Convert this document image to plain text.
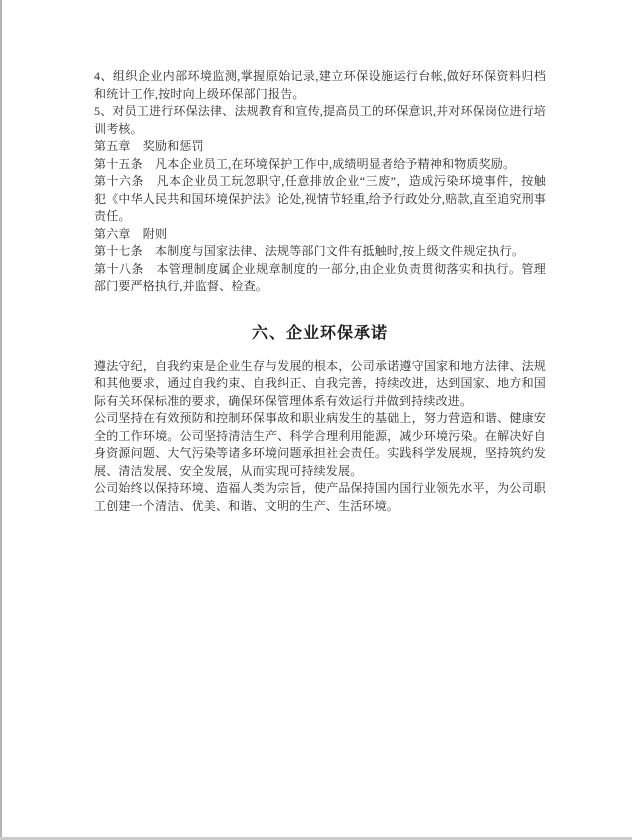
4、组织企业内部环境监测,掌握原始记录,建立环保设施运行台帐,做好环保资料归档和统计工作,按时向上级环保部门报告。

5、对员工进行环保法律、法规教育和宣传,提高员工的环保意识,并对环保岗位进行培训考核。

第五章　奖励和惩罚

第十五条　凡本企业员工,在环境保护工作中,成绩明显者给予精神和物质奖励。

第十六条　凡本企业员工玩忽职守,任意排放企业“三废”，造成污染环境事件，按触犯《中华人民共和国环境保护法》论处,视情节轻重,给予行政处分,赔款,直至追究刑事责任。

第六章　附则

第十七条　本制度与国家法律、法规等部门文件有抵触时,按上级文件规定执行。

第十八条　本管理制度属企业规章制度的一部分,由企业负责贯彻落实和执行。管理部门要严格执行,并监督、检查。

六、企业环保承诺

遵法守纪，自我约束是企业生存与发展的根本，公司承诺遵守国家和地方法律、法规和其他要求，通过自我约束、自我纠正、自我完善，持续改进，达到国家、地方和国际有关环保标准的要求，确保环保管理体系有效运行并做到持续改进。

公司坚持在有效预防和控制环保事故和职业病发生的基础上，努力营造和谐、健康安全的工作环境。公司坚持清洁生产、科学合理利用能源，减少环境污染。在解决好自身资源问题、大气污染等诸多环境问题承担社会责任。实践科学发展规，坚持筑约发展、清洁发展、安全发展，从而实现可持续发展。

公司始终以保持环境、造福人类为宗旨，使产品保持国内国行业领先水平，为公司职工创建一个清洁、优美、和谐、文明的生产、生活环境。
